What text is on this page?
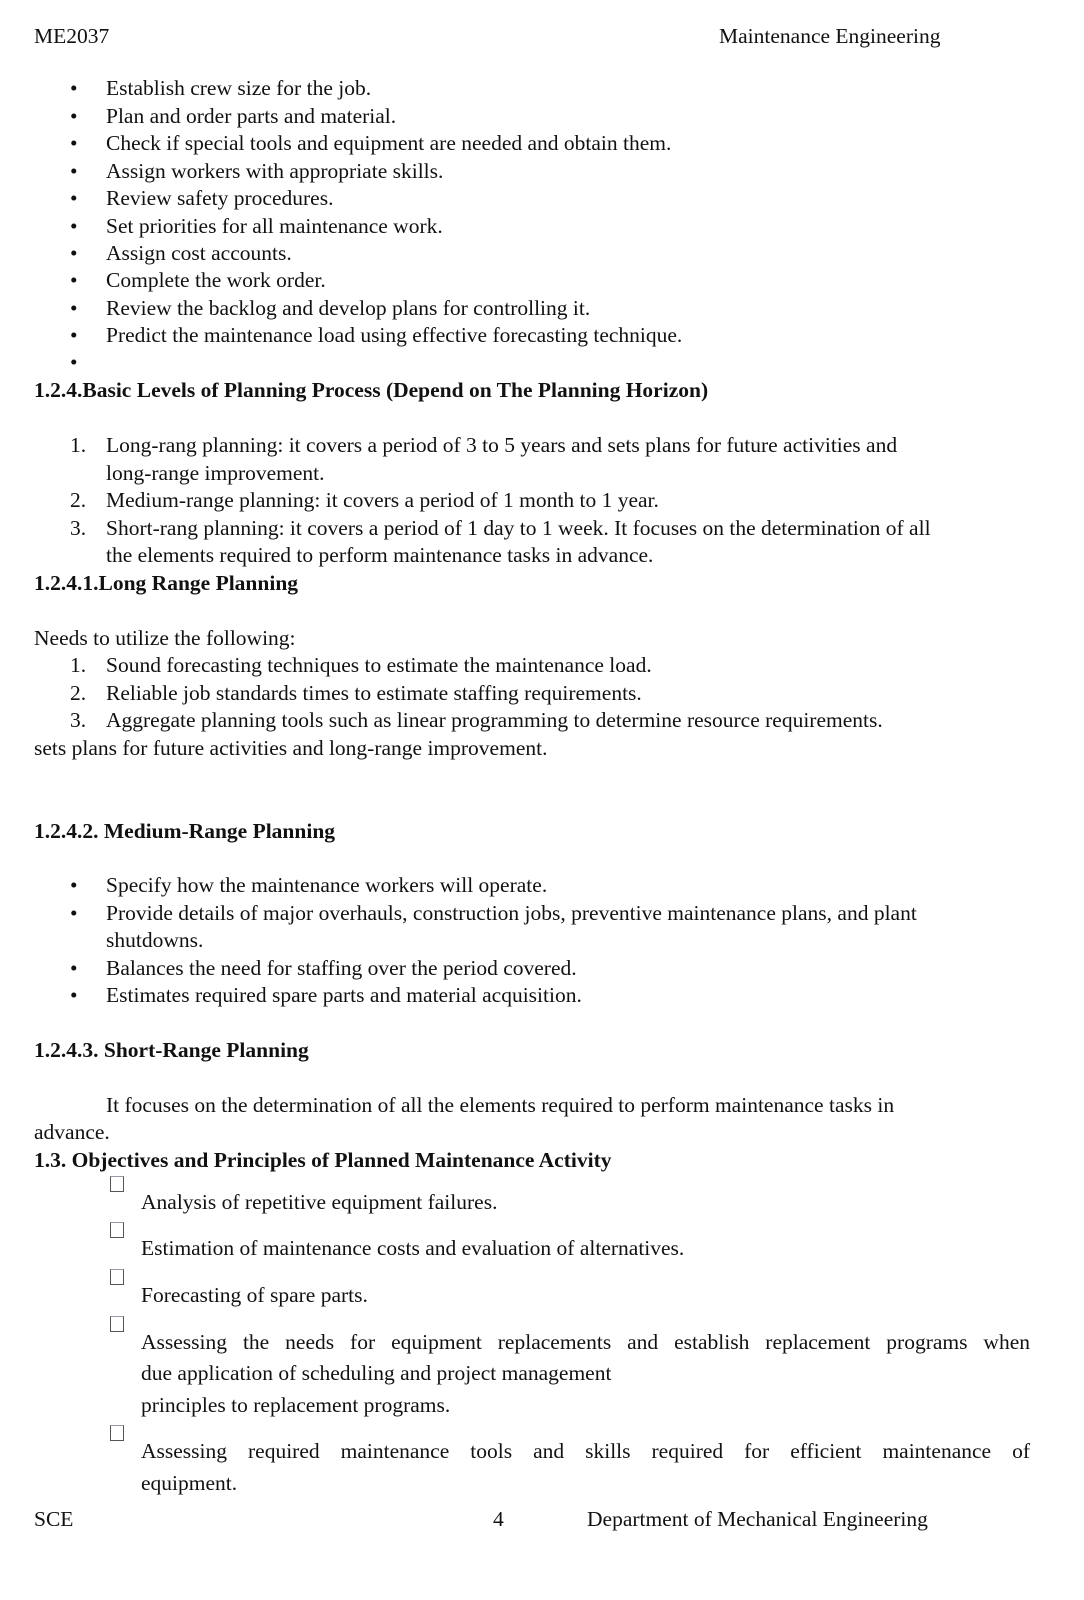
ME2037	Maintenance Engineering
• Establish crew size for the job.
• Plan and order parts and material.
• Check if special tools and equipment are needed and obtain them.
• Assign workers with appropriate skills.
• Review safety procedures.
• Set priorities for all maintenance work.
• Assign cost accounts.
• Complete the work order.
• Review the backlog and develop plans for controlling it.
• Predict the maintenance load using effective forecasting technique.
•
1.2.4.Basic Levels of Planning Process (Depend on The Planning Horizon)
1. Long-rang planning: it covers a period of 3 to 5 years and sets plans for future activities and
long-range improvement.
2. Medium-range planning: it covers a period of 1 month to 1 year.
3. Short-rang planning: it covers a period of 1 day to 1 week. It focuses on the determination of all
the elements required to perform maintenance tasks in advance.
1.2.4.1.Long Range Planning
Needs to utilize the following:
1. Sound forecasting techniques to estimate the maintenance load.
2. Reliable job standards times to estimate staffing requirements.
3. Aggregate planning tools such as linear programming to determine resource requirements.
sets plans for future activities and long-range improvement.
1.2.4.2. Medium-Range Planning
• Specify how the maintenance workers will operate.
• Provide details of major overhauls, construction jobs, preventive maintenance plans, and plant
shutdowns.
• Balances the need for staffing over the period covered.
• Estimates required spare parts and material acquisition.
1.2.4.3. Short-Range Planning
It focuses on the determination of all the elements required to perform maintenance tasks in
advance.
1.3. Objectives and Principles of Planned Maintenance Activity
Analysis of repetitive equipment failures.
Estimation of maintenance costs and evaluation of alternatives.
Forecasting of spare parts.
Assessing the needs for equipment replacements and establish replacement programs when
due application of scheduling and project management
principles to replacement programs.
Assessing required maintenance tools and skills required for efficient maintenance of
equipment.
SCE	4	Department of Mechanical Engineering
